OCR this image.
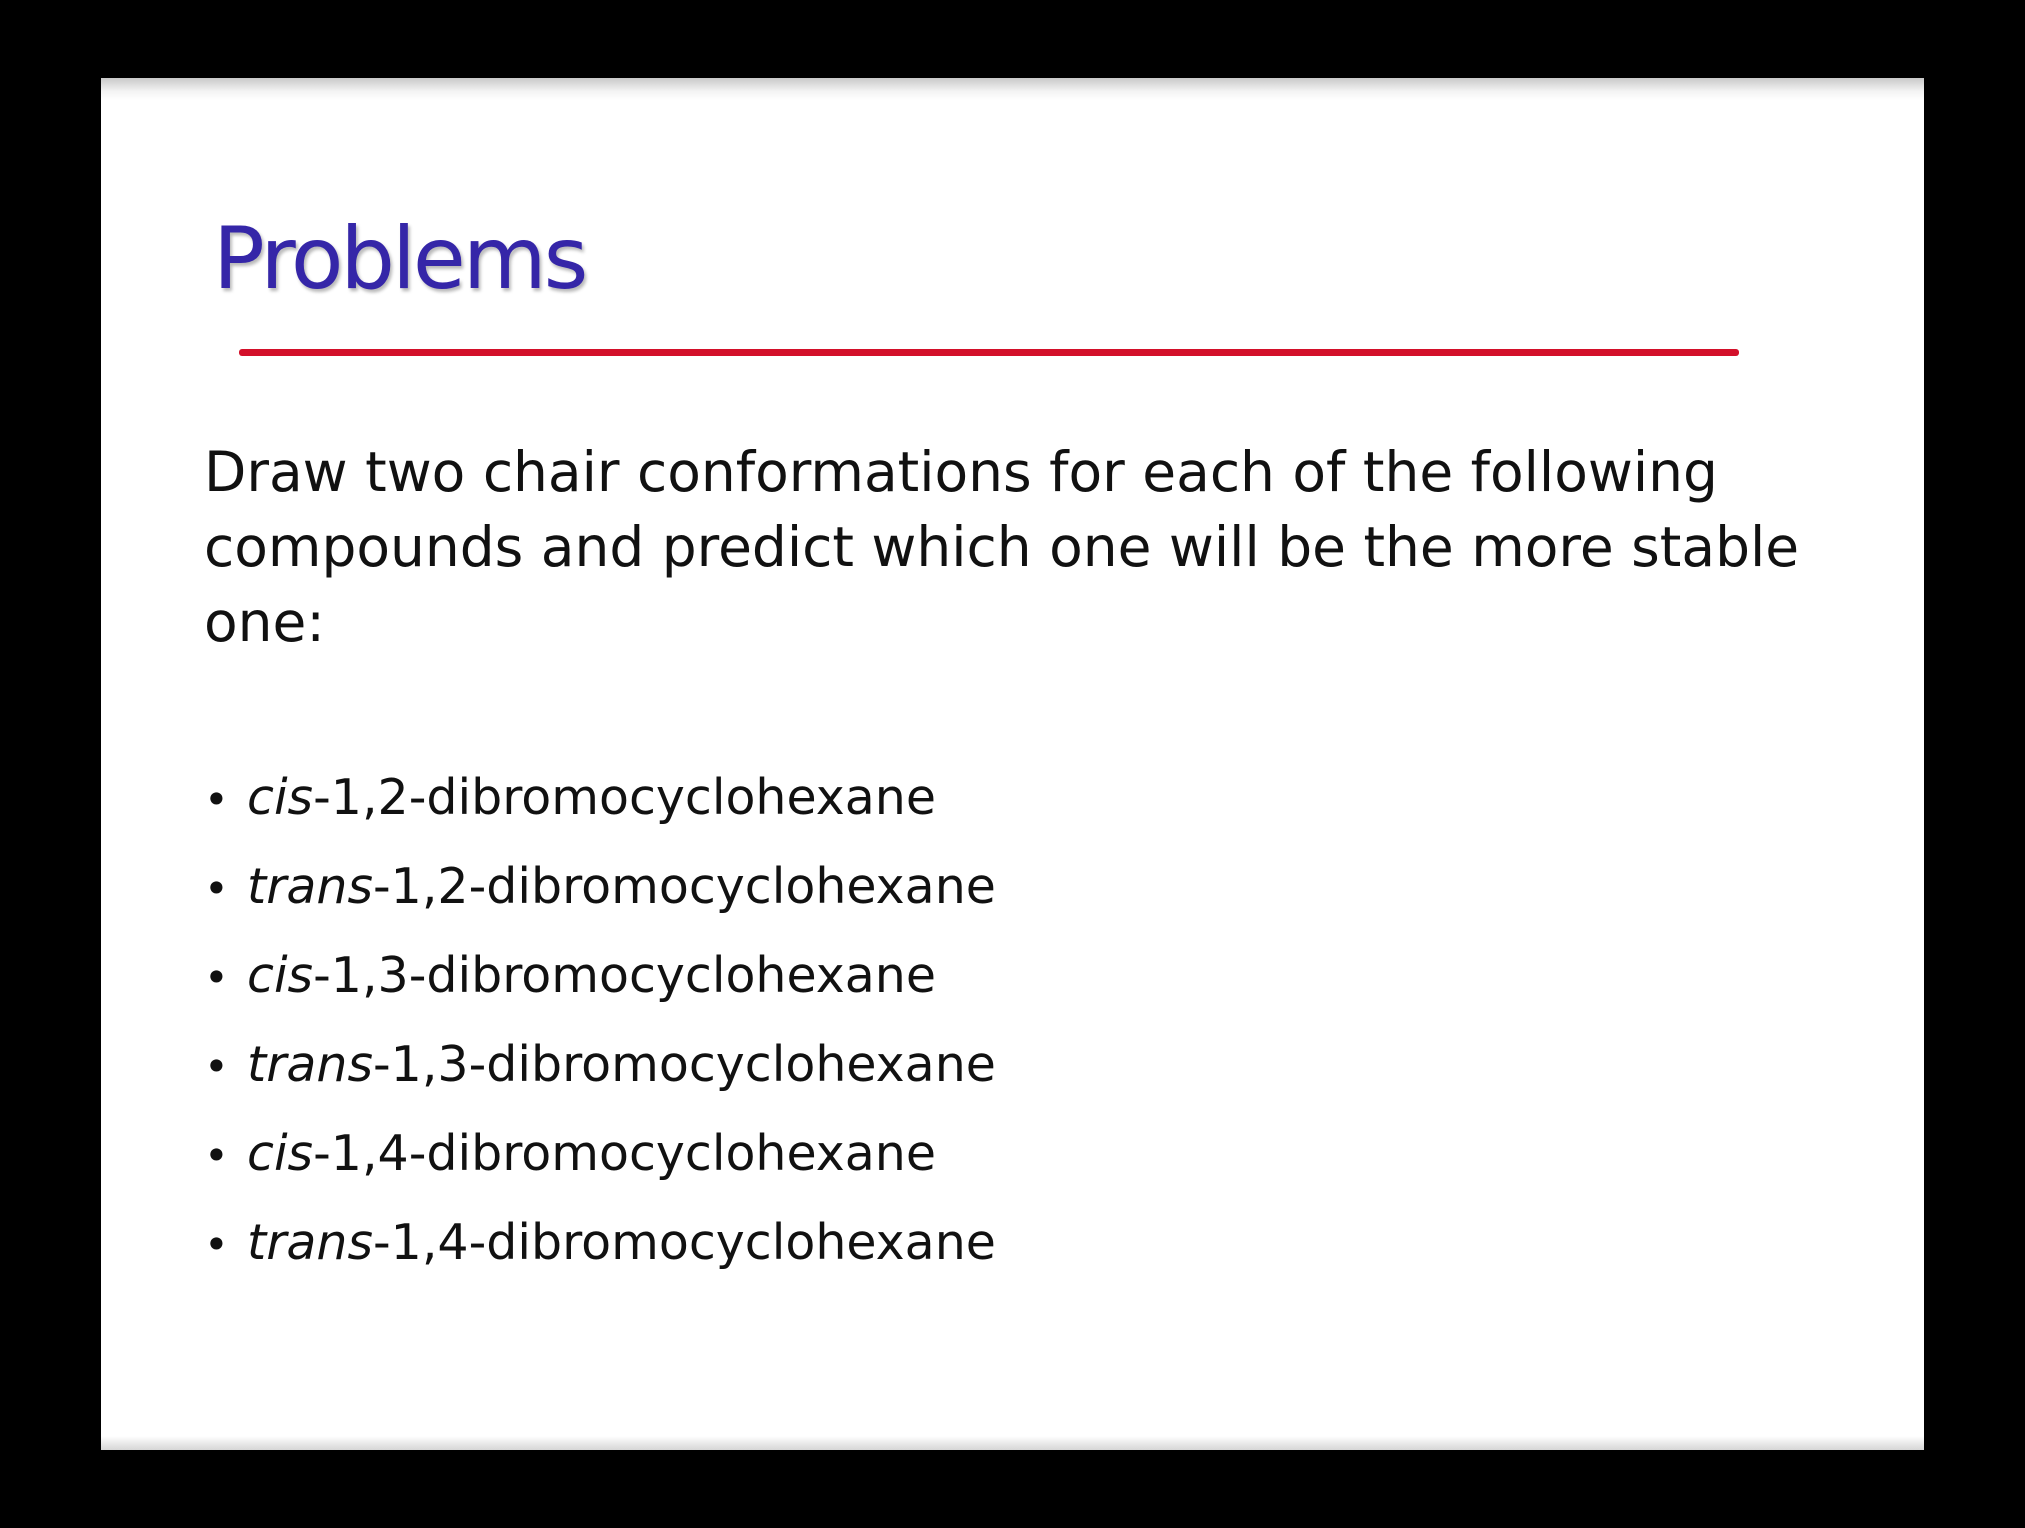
Problems
Draw two chair conformations for each of the following compounds and predict which one will be the more stable one:
• cis-1,2-dibromocyclohexane
• trans-1,2-dibromocyclohexane
• cis-1,3-dibromocyclohexane
• trans-1,3-dibromocyclohexane
• cis-1,4-dibromocyclohexane
• trans-1,4-dibromocyclohexane
